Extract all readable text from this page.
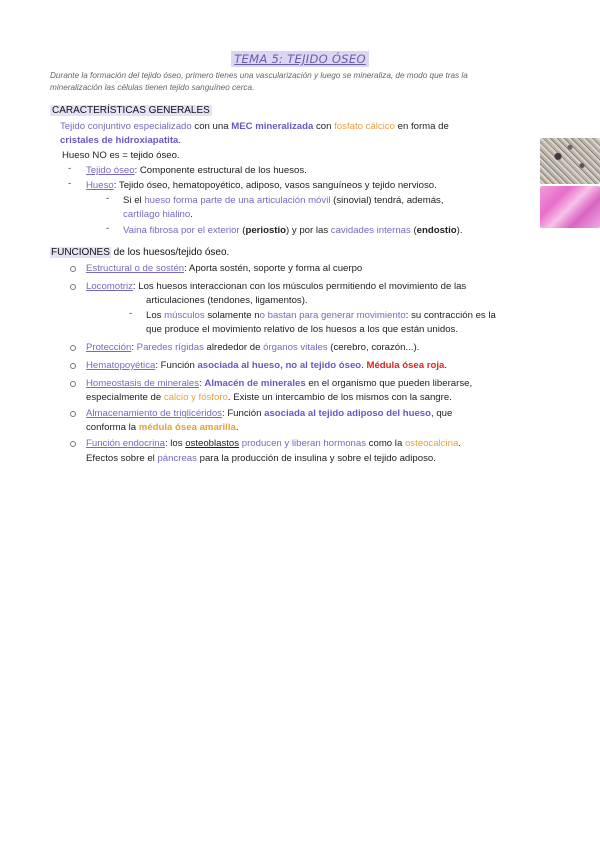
TEMA 5: TEJIDO ÓSEO
Durante la formación del tejido óseo, primero tienes una vascularización y luego se mineraliza, de modo que tras la mineralización las células tienen tejido sanguíneo cerca.
CARACTERÍSTICAS GENERALES
Tejido conjuntivo especializado con una MEC mineralizada con fosfato cálcico en forma de
cristales de hidroxiapatita.
Hueso NO es = tejido óseo.
- Tejido óseo: Componente estructural de los huesos.
- Hueso: Tejido óseo, hematopoyético, adiposo, vasos sanguíneos y tejido nervioso.
- Si el hueso forma parte de una articulación móvil (sinovial) tendrá, además,
cartílago hialino.
- Vaina fibrosa por el exterior (periostio) y por las cavidades internas (endostio).
FUNCIONES de los huesos/tejido óseo.
Estructural o de sostén: Aporta sostén, soporte y forma al cuerpo
Locomotriz: Los huesos interaccionan con los músculos permitiendo el movimiento de las
articulaciones (tendones, ligamentos).
- Los músculos solamente no bastan para generar movimiento: su contracción es la
que produce el movimiento relativo de los huesos a los que están unidos.
Protección: Paredes rígidas alrededor de órganos vitales (cerebro, corazón...).
Hematopoyética: Función asociada al hueso, no al tejido óseo. Médula ósea roja.
Homeostasis de minerales: Almacén de minerales en el organismo que pueden liberarse,
especialmente de calcio y fósforo. Existe un intercambio de los mismos con la sangre.
Almacenamiento de triglicéridos: Función asociada al tejido adiposo del hueso, que
conforma la médula ósea amarilla.
Función endocrina: los osteoblastos producen y liberan hormonas como la osteocalcina.
Efectos sobre el páncreas para la producción de insulina y sobre el tejido adiposo.
